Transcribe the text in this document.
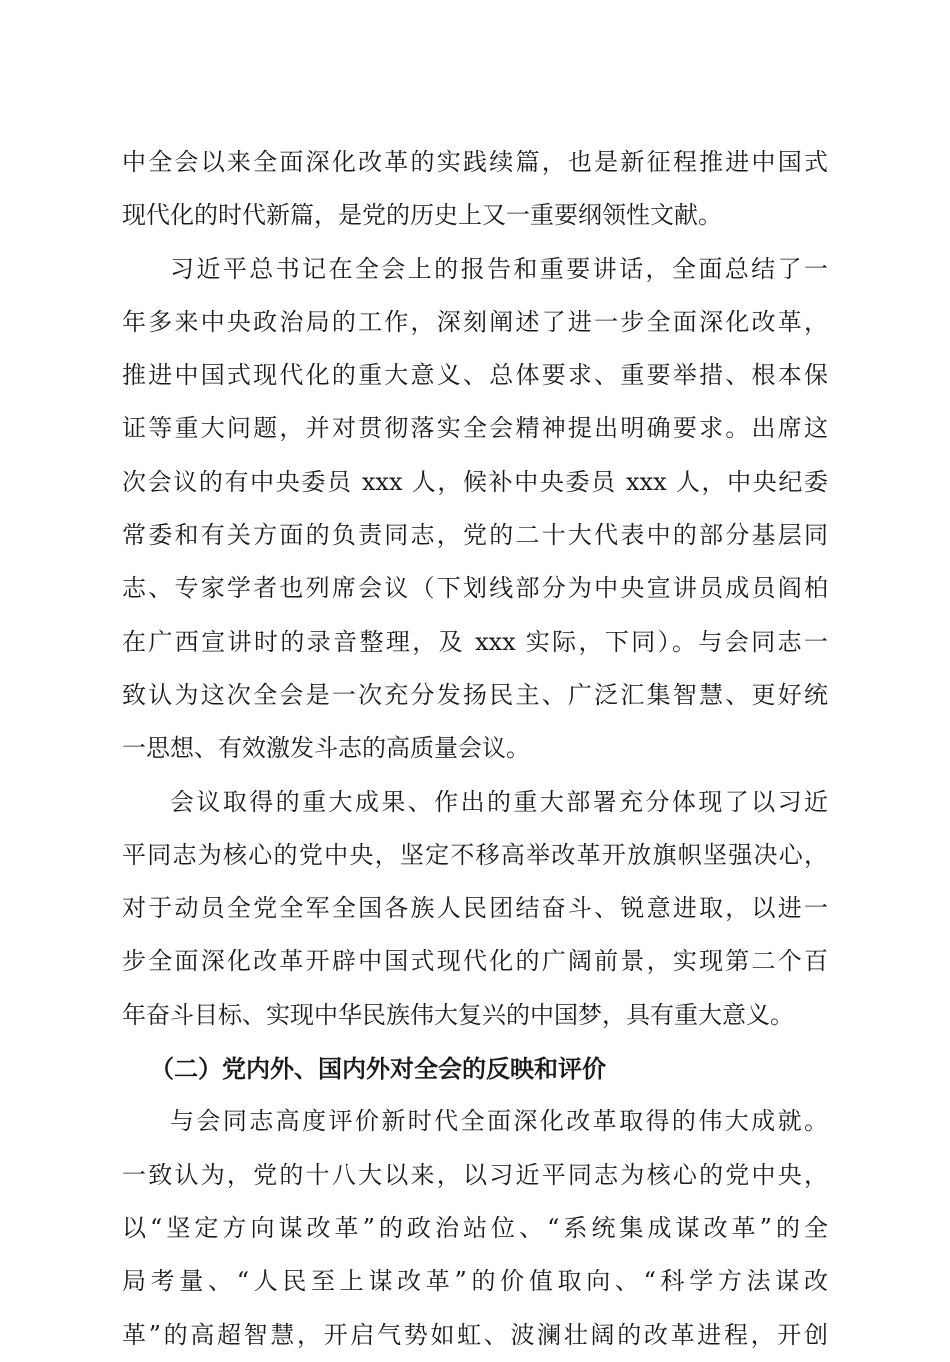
中全会以来全面深化改革的实践续篇，也是新征程推进中国式
现代化的时代新篇，是党的历史上又一重要纲领性文献。
习近平总书记在全会上的报告和重要讲话，全面总结了一
年多来中央政治局的工作，深刻阐述了进一步全面深化改革，
推进中国式现代化的重大意义、总体要求、重要举措、根本保
证等重大问题，并对贯彻落实全会精神提出明确要求。出席这
次会议的有中央委员 xxx 人，候补中央委员 xxx 人，中央纪委
常委和有关方面的负责同志，党的二十大代表中的部分基层同
志、专家学者也列席会议（下划线部分为中央宣讲员成员阎柏
在广西宣讲时的录音整理，及 xxx 实际，下同）。与会同志一
致认为这次全会是一次充分发扬民主、广泛汇集智慧、更好统
一思想、有效激发斗志的高质量会议。
会议取得的重大成果、作出的重大部署充分体现了以习近
平同志为核心的党中央，坚定不移高举改革开放旗帜坚强决心，
对于动员全党全军全国各族人民团结奋斗、锐意进取，以进一
步全面深化改革开辟中国式现代化的广阔前景，实现第二个百
年奋斗目标、实现中华民族伟大复兴的中国梦，具有重大意义。
（二）党内外、国内外对全会的反映和评价
与会同志高度评价新时代全面深化改革取得的伟大成就。
一致认为，党的十八大以来，以习近平同志为核心的党中央，
以“坚定方向谋改革”的政治站位、“系统集成谋改革”的全
局考量、“人民至上谋改革”的价值取向、“科学方法谋改
革”的高超智慧，开启气势如虹、波澜壮阔的改革进程，开创
